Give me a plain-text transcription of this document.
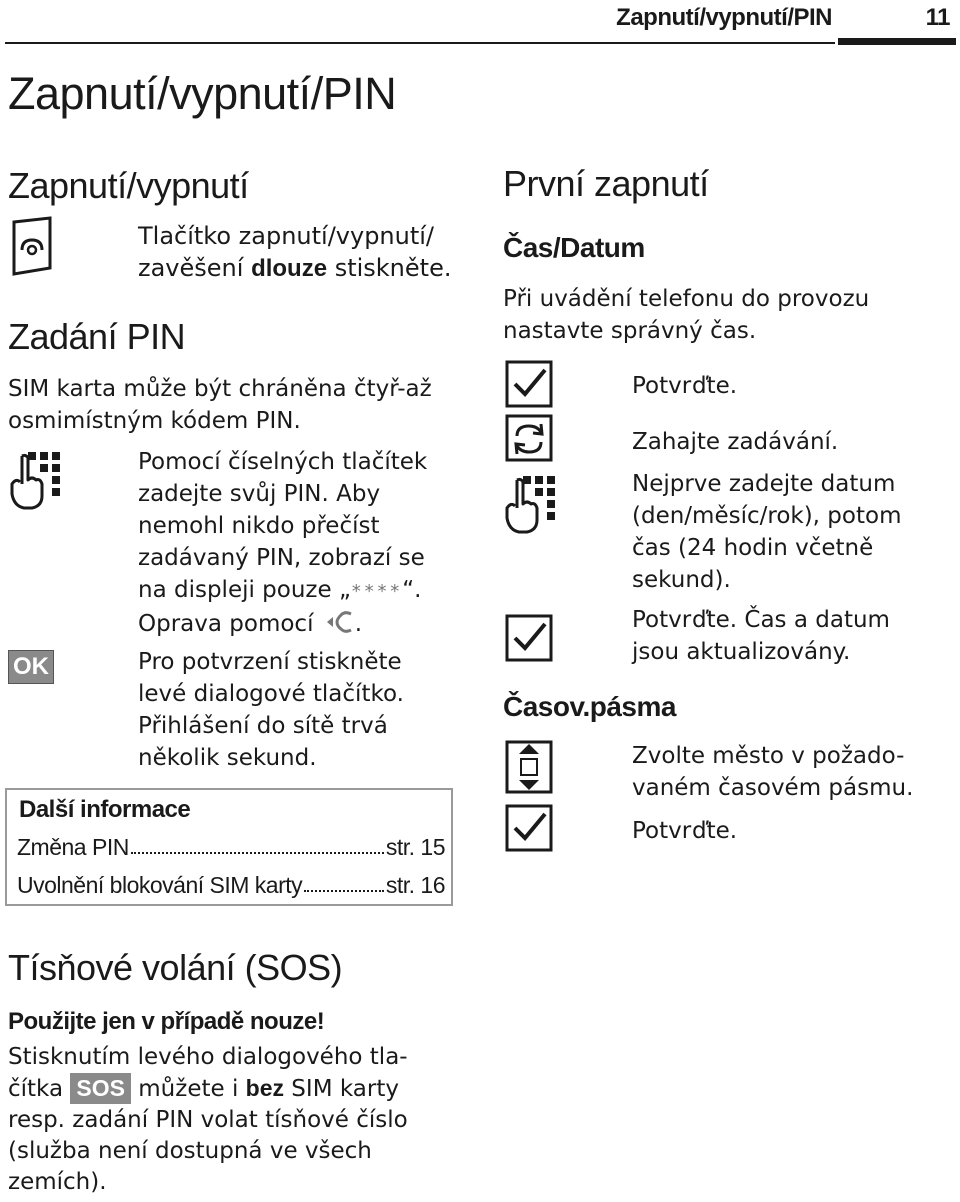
Zapnutí/vypnutí/PIN	11
Zapnutí/vypnutí/PIN
Zapnutí/vypnutí
Tlačítko zapnutí/vypnutí/
zavěšení dlouze stiskněte.
Zadání PIN
SIM karta může být chráněna čtyř-až
osmimístným kódem PIN.
Pomocí číselných tlačítek
zadejte svůj PIN. Aby
nemohl nikdo přečíst
zadávaný PIN, zobrazí se
na displeji pouze „****“.
Oprava pomocí .
OK	Pro potvrzení stiskněte
levé dialogové tlačítko.
Přihlášení do sítě trvá
několik sekund.
Další informace
Změna PIN	str. 15
Uvolnění blokování SIM karty	str. 16
Tísňové volání (SOS)
Použijte jen v případě nouze!
Stisknutím levého dialogového tla-
čítka SOS můžete i bez SIM karty
resp. zadání PIN volat tísňové číslo
(služba není dostupná ve všech
zemích).
První zapnutí
Čas/Datum
Při uvádění telefonu do provozu
nastavte správný čas.
Potvrďte.
Zahajte zadávání.
Nejprve zadejte datum
(den/měsíc/rok), potom
čas (24 hodin včetně
sekund).
Potvrďte. Čas a datum
jsou aktualizovány.
Časov.pásma
Zvolte město v požado-
vaném časovém pásmu.
Potvrďte.
